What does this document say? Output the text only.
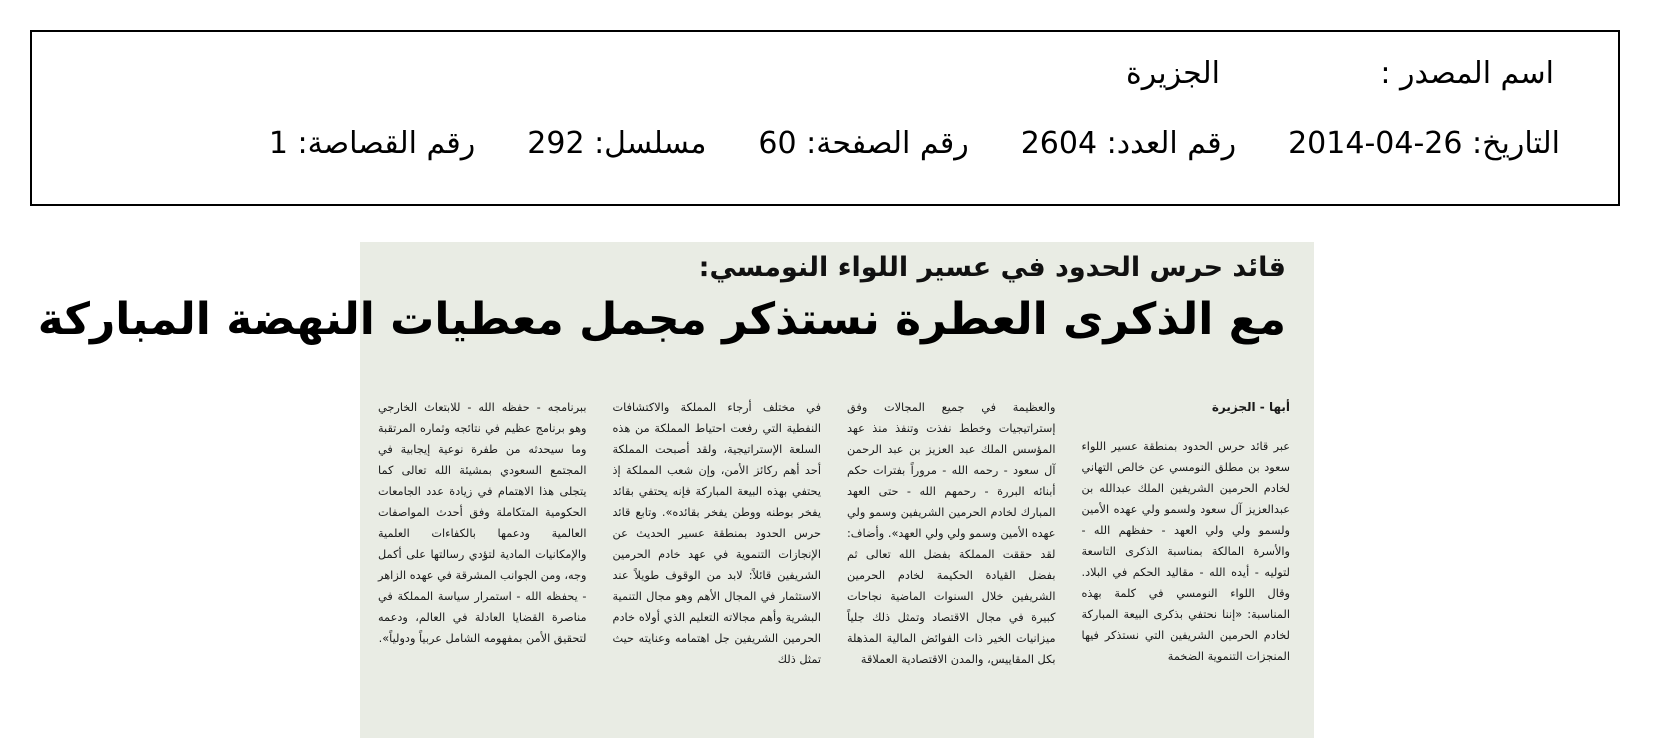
اسم المصدر :
الجزيرة
التاريخ: 26-04-2014رقم العدد: 2604رقم الصفحة: 60مسلسل: 292رقم القصاصة: 1
قائد حرس الحدود في عسير اللواء النومسي:
مع الذكرى العطرة نستذكر مجمل معطيات النهضة المباركة
أبها - الجزيرة

عبر قائد حرس الحدود بمنطقة عسير اللواء سعود بن مطلق النومسي عن خالص التهاني لخادم الحرمين الشريفين الملك عبدالله بن عبدالعزيز آل سعود ولسمو ولي عهده الأمين ولسمو ولي ولي العهد - حفظهم الله - والأسرة المالكة بمناسبة الذكرى التاسعة لتوليه - أيده الله - مقاليد الحكم في البلاد. وقال اللواء النومسي في كلمة بهذه المناسبة: «إننا نحتفي بذكرى البيعة المباركة لخادم الحرمين الشريفين التي نستذكر فيها المنجزات التنموية الضخمة

والعظيمة في جميع المجالات وفق إستراتيجيات وخطط نفذت وتنفذ منذ عهد المؤسس الملك عبد العزيز بن عبد الرحمن آل سعود - رحمه الله - مروراً بفترات حكم أبنائه البررة - رحمهم الله - حتى العهد المبارك لخادم الحرمين الشريفين وسمو ولي عهده الأمين وسمو ولي ولي العهد». وأضاف: لقد حققت المملكة بفضل الله تعالى ثم بفضل القيادة الحكيمة لخادم الحرمين الشريفين خلال السنوات الماضية نجاحات كبيرة في مجال الاقتصاد وتمثل ذلك جلياً ميزانيات الخير ذات الفوائض المالية المذهلة بكل المقاييس، والمدن الاقتصادية العملاقة

في مختلف أرجاء المملكة والاكتشافات النفطية التي رفعت احتياط المملكة من هذه السلعة الإستراتيجية، ولقد أصبحت المملكة أحد أهم ركائز الأمن، وإن شعب المملكة إذ يحتفي بهذه البيعة المباركة فإنه يحتفي بقائد يفخر بوطنه ووطن يفخر بقائده». وتابع قائد حرس الحدود بمنطقة عسير الحديث عن الإنجازات التنموية في عهد خادم الحرمين الشريفين قائلاً: لابد من الوقوف طويلاً عند الاستثمار في المجال الأهم وهو مجال التنمية البشرية وأهم مجالاته التعليم الذي أولاه خادم الحرمين الشريفين جل اهتمامه وعنايته حيث تمثل ذلك

ببرنامجه - حفظه الله - للابتعاث الخارجي وهو برنامج عظيم في نتائجه وثماره المرتقبة وما سيحدثه من طفرة نوعية إيجابية في المجتمع السعودي بمشيئة الله تعالى كما يتجلى هذا الاهتمام في زيادة عدد الجامعات الحكومية المتكاملة وفق أحدث المواصفات العالمية ودعمها بالكفاءات العلمية والإمكانيات المادية لتؤدي رسالتها على أكمل وجه، ومن الجوانب المشرقة في عهده الزاهر - يحفظه الله - استمرار سياسة المملكة في مناصرة القضايا العادلة في العالم، ودعمه لتحقيق الأمن بمفهومه الشامل عربياً ودولياً».
